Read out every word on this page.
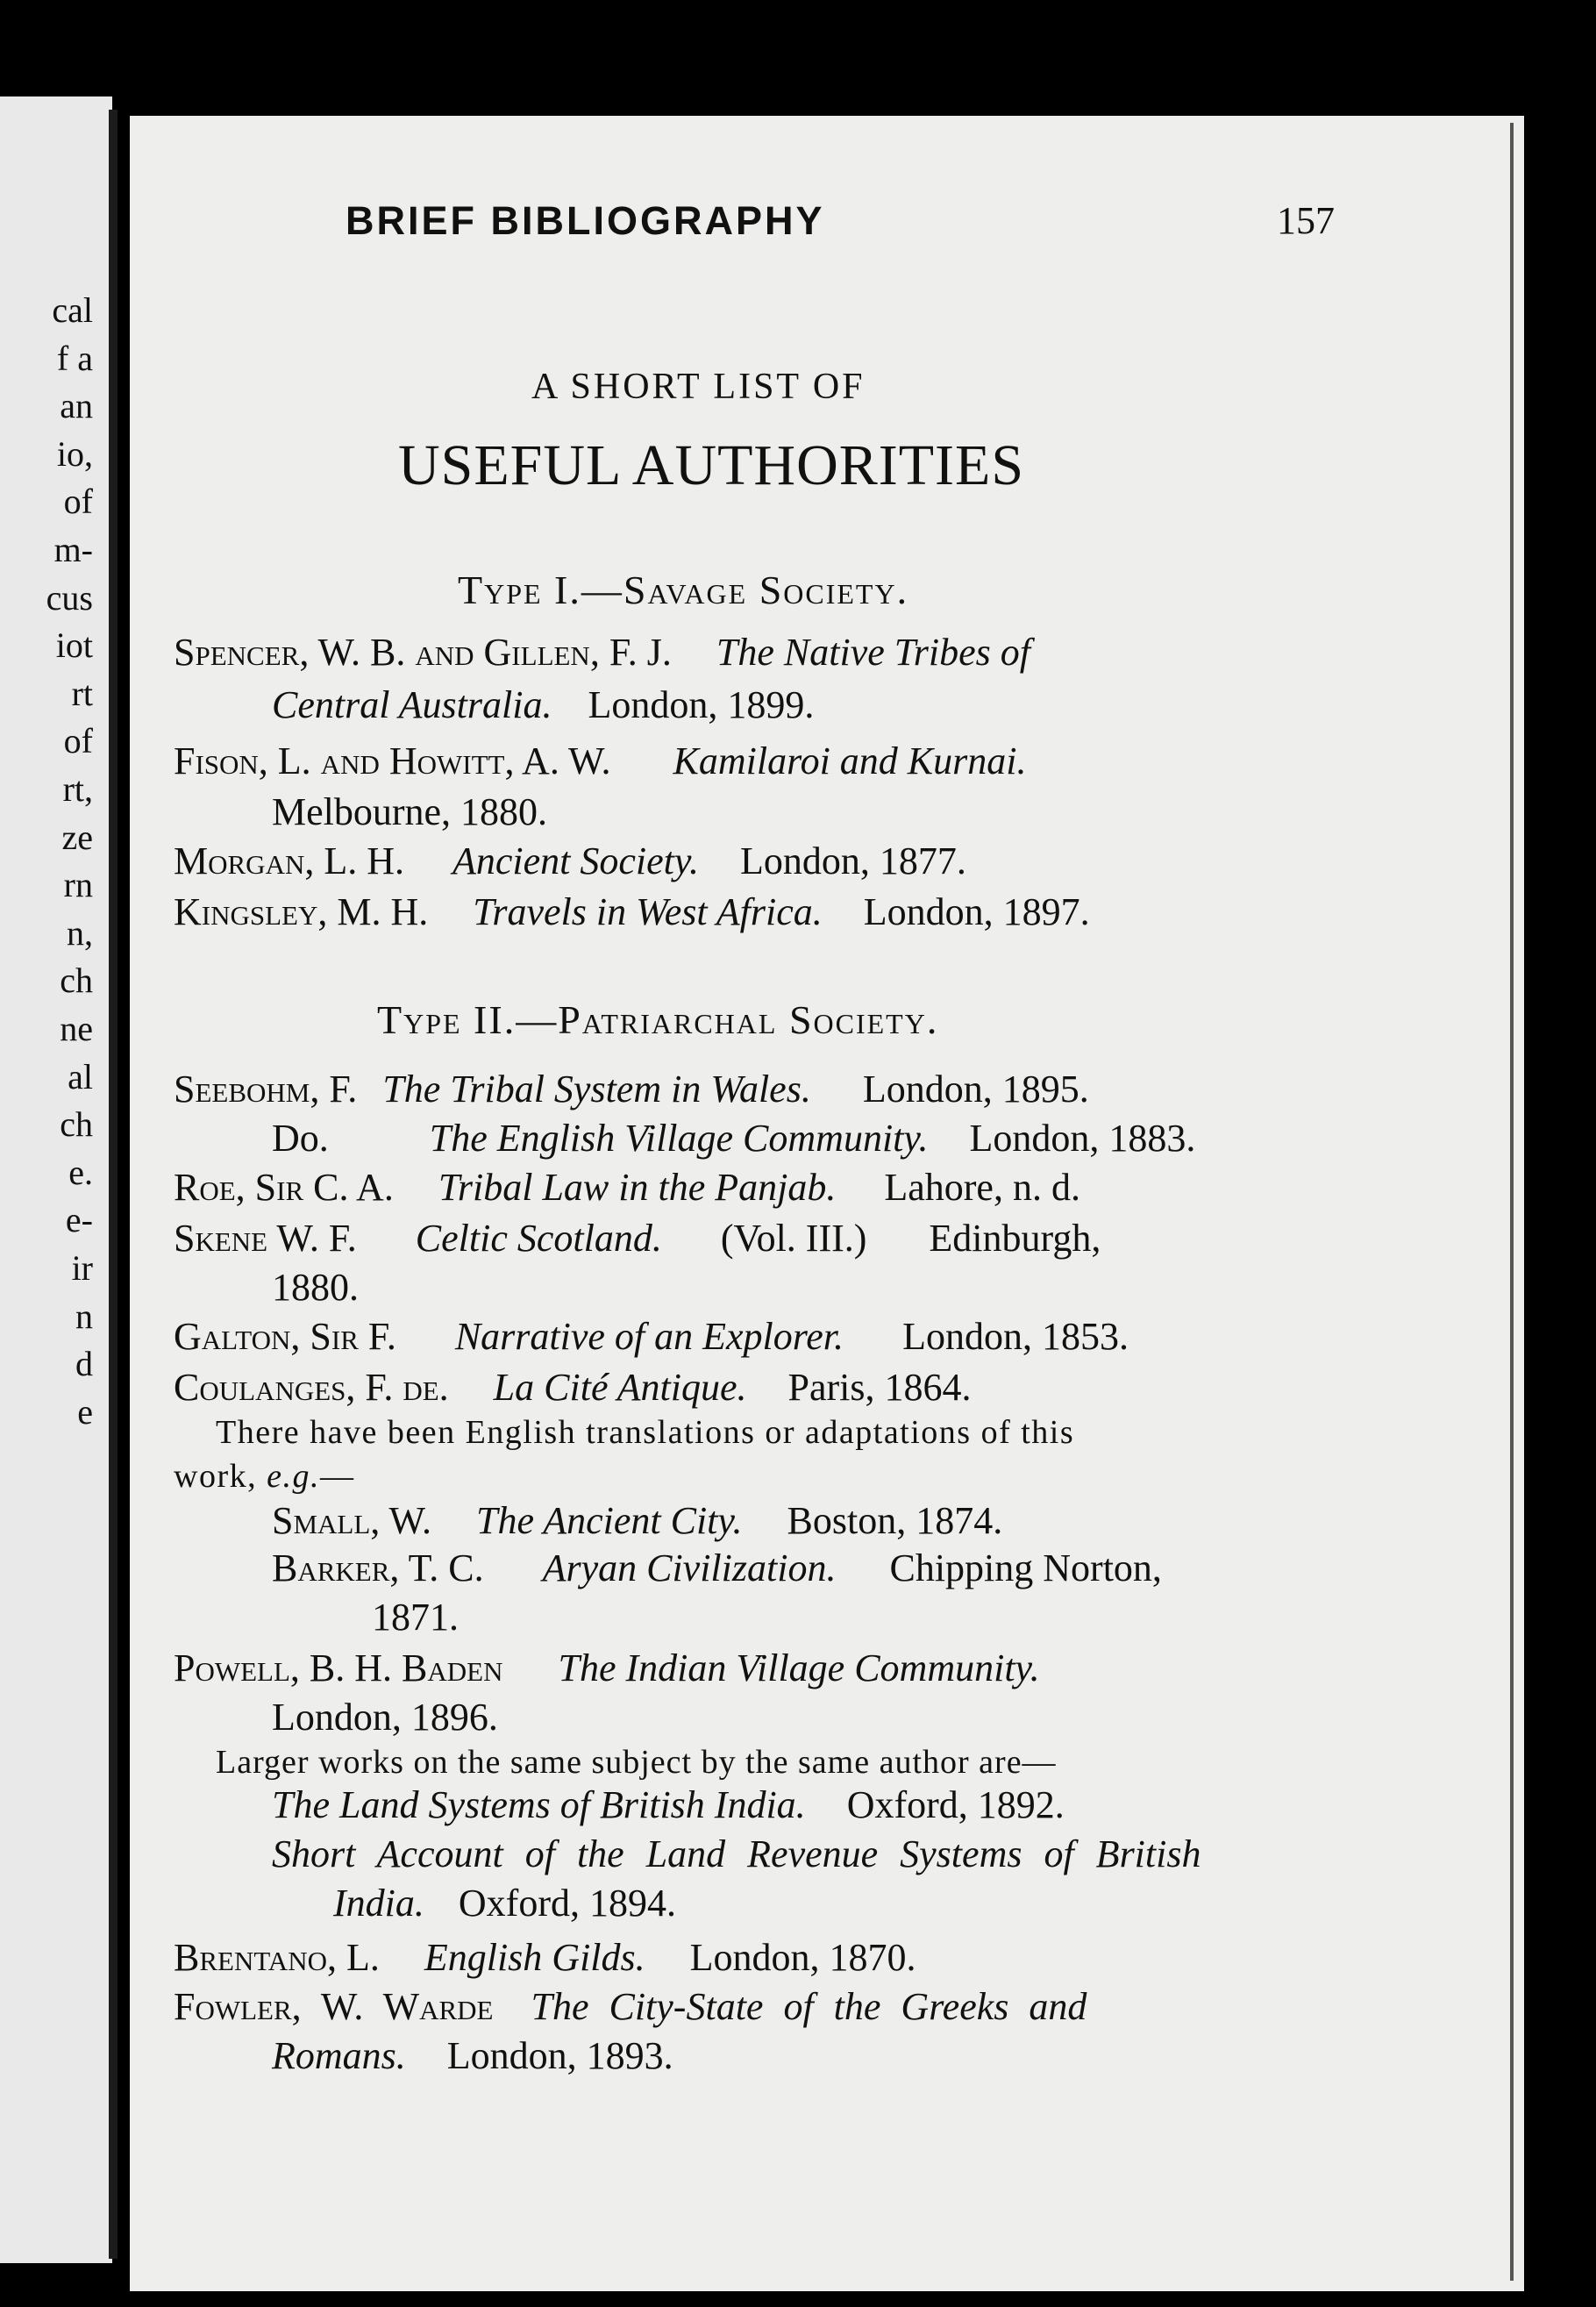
cal
f a
an
io,
of
m-
cus
iot
rt
of
rt,
ze
rn
n,
ch
ne
al
ch
e.
e-
ir
n
d
e
BRIEF BIBLIOGRAPHY	157
A SHORT LIST OF
USEFUL AUTHORITIES
Type I.—Savage Society.
Spencer, W. B. and Gillen, F. J. The Native Tribes of
Central Australia. London, 1899.
Fison, L. and Howitt, A. W. Kamilaroi and Kurnai.
Melbourne, 1880.
Morgan, L. H. Ancient Society. London, 1877.
Kingsley, M. H. Travels in West Africa. London, 1897.
Type II.—Patriarchal Society.
Seebohm, F. The Tribal System in Wales. London, 1895.
Do.	The English Village Community. London, 1883.
Roe, Sir C. A. Tribal Law in the Panjab. Lahore, n. d.
Skene W. F. Celtic Scotland. (Vol. III.) Edinburgh,
1880.
Galton, Sir F. Narrative of an Explorer. London, 1853.
Coulanges, F. de. La Cité Antique. Paris, 1864.
There have been English translations or adaptations of this
work, e.g.—
Small, W. The Ancient City. Boston, 1874.
Barker, T. C. Aryan Civilization. Chipping Norton,
1871.
Powell, B. H. Baden The Indian Village Community.
London, 1896.
Larger works on the same subject by the same author are—
The Land Systems of British India. Oxford, 1892.
Short Account of the Land Revenue Systems of British
India. Oxford, 1894.
Brentano, L. English Gilds. London, 1870.
Fowler, W. Warde The City-State of the Greeks and
Romans. London, 1893.
